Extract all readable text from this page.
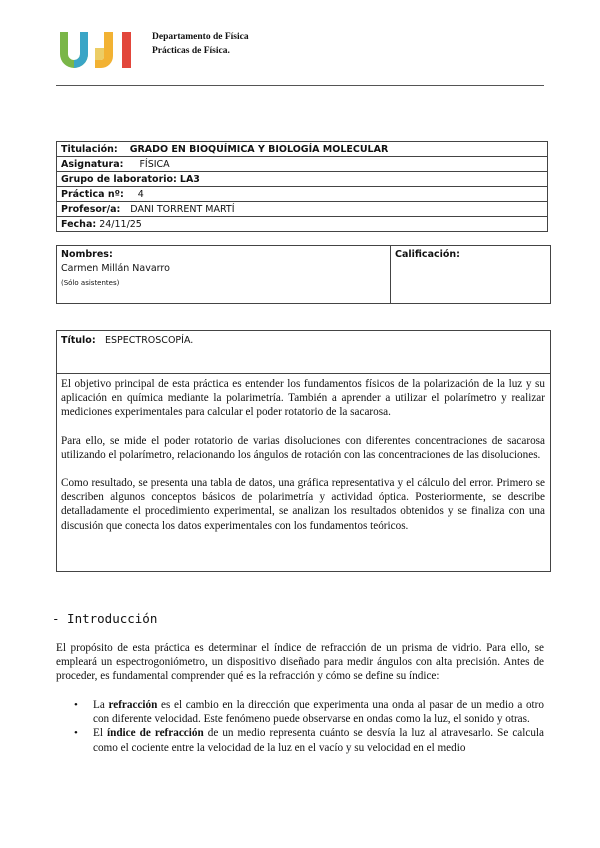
Departamento de Física
Prácticas de Física.
Titulación: GRADO EN BIOQUÍMICA Y BIOLOGÍA MOLECULAR
Asignatura: FÍSICA
Grupo de laboratorio: LA3
Práctica nº: 4
Profesor/a: DANI TORRENT MARTÍ
Fecha: 24/11/25
Nombres:
Carmen Millán Navarro
(Sólo asistentes)
Calificación:
Título: ESPECTROSCOPÍA.

El objetivo principal de esta práctica es entender los fundamentos físicos de la polarización de la luz y su aplicación en química mediante la polarimetría. También a aprender a utilizar el polarímetro y realizar mediciones experimentales para calcular el poder rotatorio de la sacarosa.

Para ello, se mide el poder rotatorio de varias disoluciones con diferentes concentraciones de sacarosa utilizando el polarímetro, relacionando los ángulos de rotación con las concentraciones de las disoluciones.

Como resultado, se presenta una tabla de datos, una gráfica representativa y el cálculo del error. Primero se describen algunos conceptos básicos de polarimetría y actividad óptica. Posteriormente, se describe detalladamente el procedimiento experimental, se analizan los resultados obtenidos y se finaliza con una discusión que conecta los datos experimentales con los fundamentos teóricos.

- Introducción
El propósito de esta práctica es determinar el índice de refracción de un prisma de vidrio. Para ello, se empleará un espectrogoniómetro, un dispositivo diseñado para medir ángulos con alta precisión. Antes de proceder, es fundamental comprender qué es la refracción y cómo se define su índice:
• La refracción es el cambio en la dirección que experimenta una onda al pasar de un medio a otro con diferente velocidad. Este fenómeno puede observarse en ondas como la luz, el sonido y otras.
• El índice de refracción de un medio representa cuánto se desvía la luz al atravesarlo. Se calcula como el cociente entre la velocidad de la luz en el vacío y su velocidad en el medio
